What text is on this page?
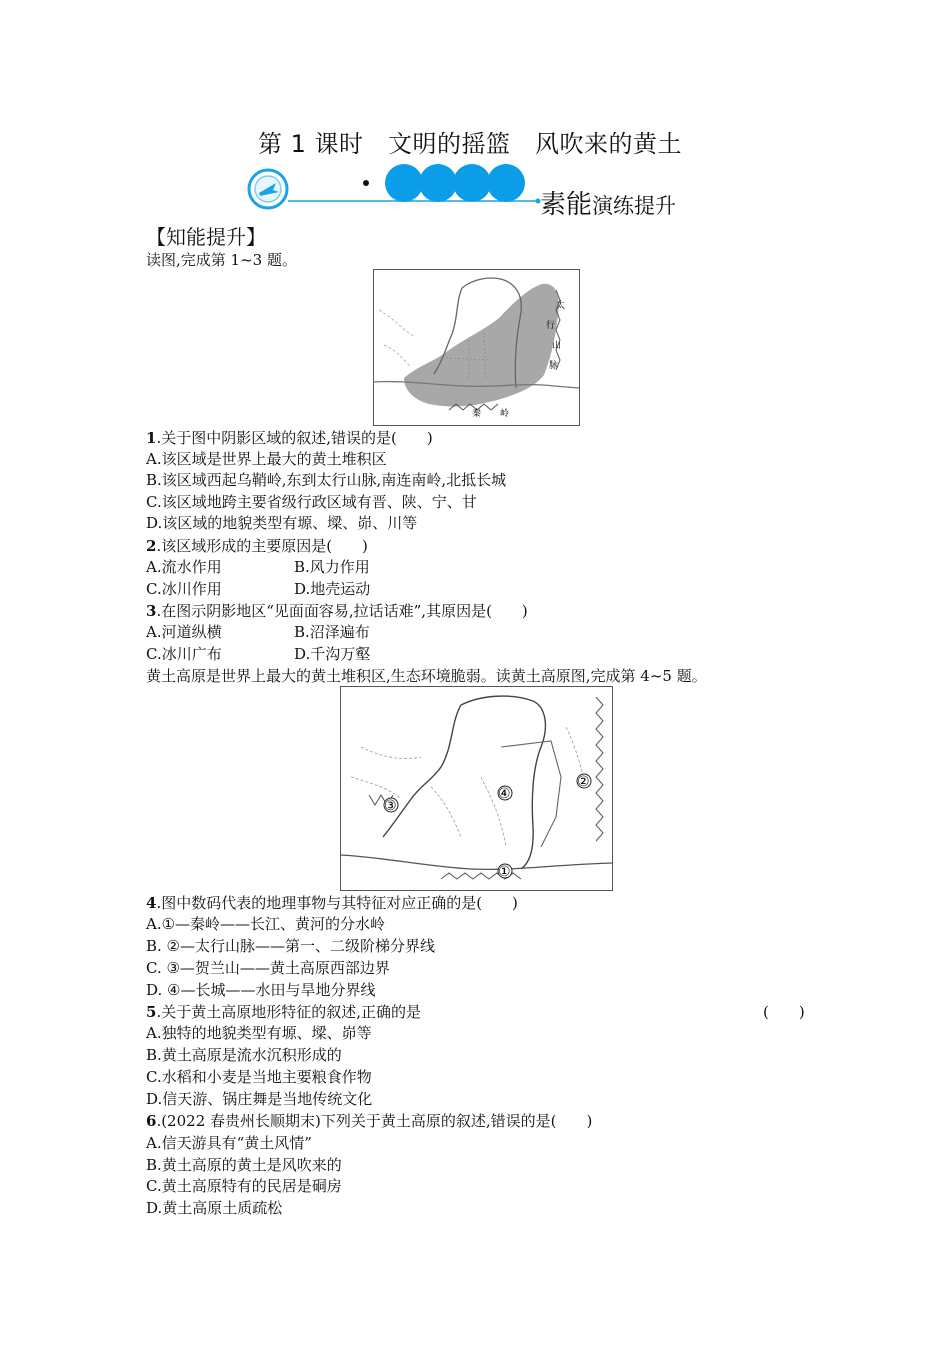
第 1 课时　文明的摇篮　风吹来的黄土
素能演练提升
【知能提升】
读图,完成第 1~3 题。
太
行
山
脉
秦 岭
1.关于图中阴影区域的叙述,错误的是(　　)
A.该区域是世界上最大的黄土堆积区
B.该区域西起乌鞘岭,东到太行山脉,南连南岭,北抵长城
C.该区域地跨主要省级行政区域有晋、陕、宁、甘
D.该区域的地貌类型有塬、墚、峁、川等
2.该区域形成的主要原因是(　　)
A.流水作用	B.风力作用
C.冰川作用	D.地壳运动
3.在图示阴影地区“见面面容易,拉话话难”,其原因是(　　)
A.河道纵横	B.沼泽遍布
C.冰川广布	D.千沟万壑
黄土高原是世界上最大的黄土堆积区,生态环境脆弱。读黄土高原图,完成第 4~5 题。
①
②
③
④
4.图中数码代表的地理事物与其特征对应正确的是(　　)
A.①—秦岭——长江、黄河的分水岭
B. ②—太行山脉——第一、二级阶梯分界线
C. ③—贺兰山——黄土高原西部边界
D. ④—长城——水田与旱地分界线
5.关于黄土高原地形特征的叙述,正确的是	(　　)
A.独特的地貌类型有塬、墚、峁等
B.黄土高原是流水沉积形成的
C.水稻和小麦是当地主要粮食作物
D.信天游、锅庄舞是当地传统文化
6.(2022 春贵州长顺期末)下列关于黄土高原的叙述,错误的是(　　)
A.信天游具有“黄土风情”
B.黄土高原的黄土是风吹来的
C.黄土高原特有的民居是硐房
D.黄土高原土质疏松
